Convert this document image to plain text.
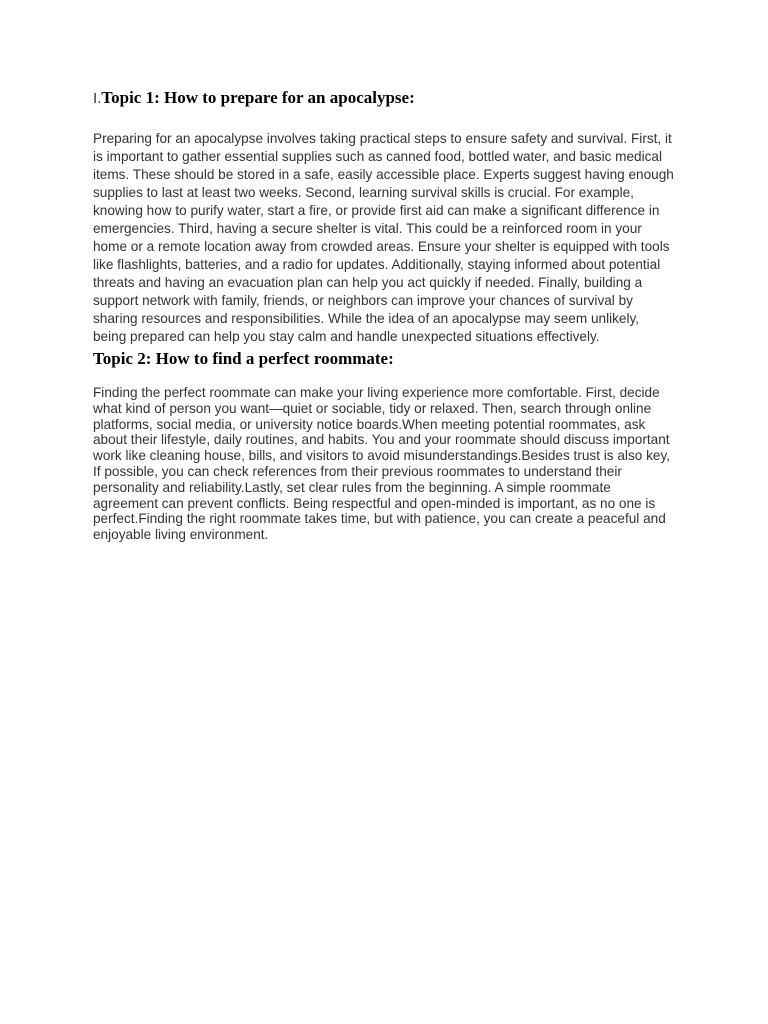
I.Topic 1: How to prepare for an apocalypse:

Preparing for an apocalypse involves taking practical steps to ensure safety and survival. First, it is important to gather essential supplies such as canned food, bottled water, and basic medical items. These should be stored in a safe, easily accessible place. Experts suggest having enough supplies to last at least two weeks. Second, learning survival skills is crucial. For example, knowing how to purify water, start a fire, or provide first aid can make a significant difference in emergencies. Third, having a secure shelter is vital. This could be a reinforced room in your home or a remote location away from crowded areas. Ensure your shelter is equipped with tools like flashlights, batteries, and a radio for updates. Additionally, staying informed about potential threats and having an evacuation plan can help you act quickly if needed. Finally, building a support network with family, friends, or neighbors can improve your chances of survival by sharing resources and responsibilities. While the idea of an apocalypse may seem unlikely, being prepared can help you stay calm and handle unexpected situations effectively.

Topic 2: How to find a perfect roommate:

Finding the perfect roommate can make your living experience more comfortable. First, decide what kind of person you want—quiet or sociable, tidy or relaxed. Then, search through online platforms, social media, or university notice boards.When meeting potential roommates, ask about their lifestyle, daily routines, and habits. You and your roommate should discuss important work like cleaning house, bills, and visitors to avoid misunderstandings.Besides trust is also key, If possible, you can check references from their previous roommates to understand their personality and reliability.Lastly, set clear rules from the beginning. A simple roommate agreement can prevent conflicts. Being respectful and open-minded is important, as no one is perfect.Finding the right roommate takes time, but with patience, you can create a peaceful and enjoyable living environment.
